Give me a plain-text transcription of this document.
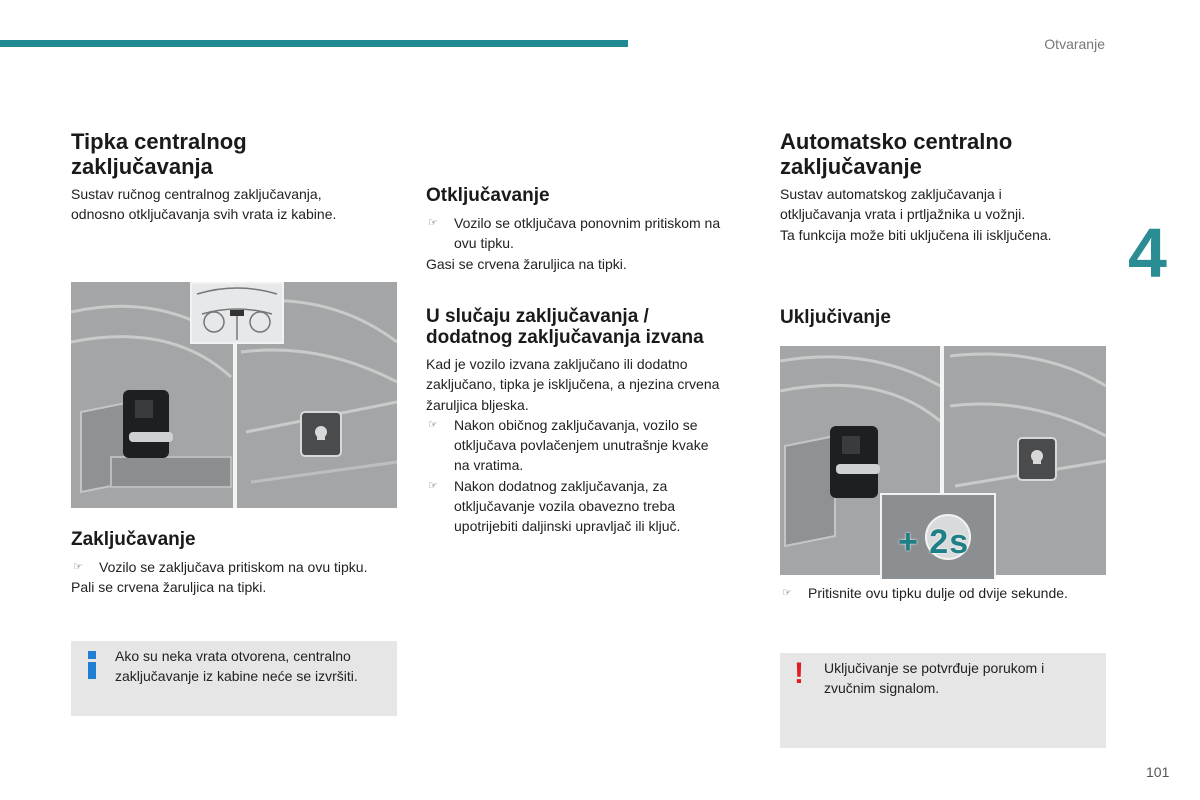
Otvaranje
4
101
Tipka centralnog
zaključavanja
Sustav ručnog centralnog zaključavanja,
odnosno otključavanja svih vrata iz kabine.
Zaključavanje
☞ Vozilo se zaključava pritiskom na ovu tipku.
Pali se crvena žaruljica na tipki.
Ako su neka vrata otvorena, centralno
zaključavanje iz kabine neće se izvršiti.
Otključavanje
☞ Vozilo se otključava ponovnim pritiskom na
ovu tipku.
Gasi se crvena žaruljica na tipki.
U slučaju zaključavanja /
dodatnog zaključavanja izvana
Kad je vozilo izvana zaključano ili dodatno
zaključano, tipka je isključena, a njezina crvena
žaruljica bljeska.
☞ Nakon običnog zaključavanja, vozilo se
otključava povlačenjem unutrašnje kvake
na vratima.
☞ Nakon dodatnog zaključavanja, za
otključavanje vozila obavezno treba
upotrijebiti daljinski upravljač ili ključ.
Automatsko centralno
zaključavanje
Sustav automatskog zaključavanja i
otključavanja vrata i prtljažnika u vožnji.
Ta funkcija može biti uključena ili isključena.
Uključivanje
+ 2s
☞ Pritisnite ovu tipku dulje od dvije sekunde.
! Uključivanje se potvrđuje porukom i
zvučnim signalom.
